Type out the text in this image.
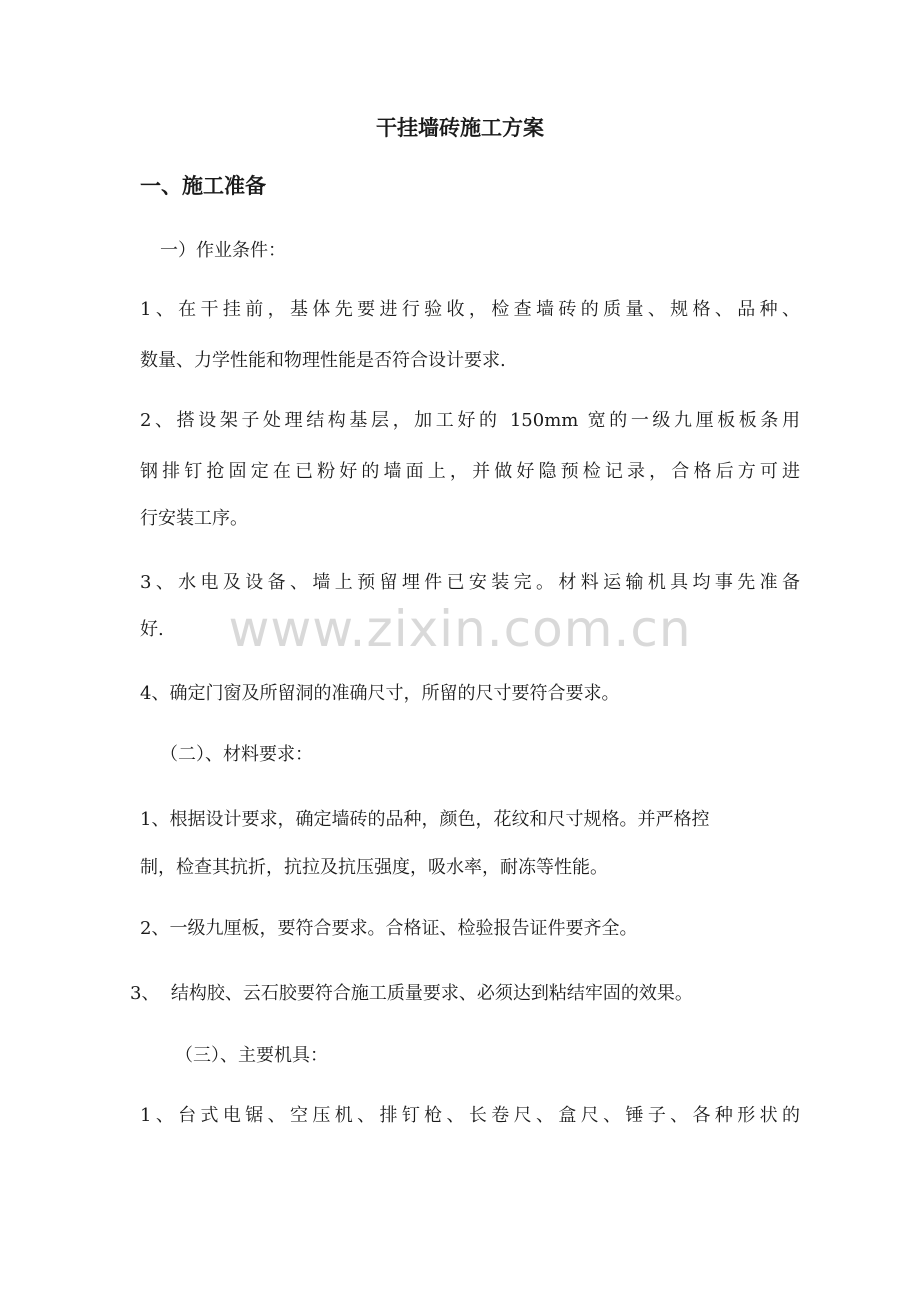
干挂墙砖施工方案
一、施工准备

一）作业条件：

1、在干挂前，基体先要进行验收，检查墙砖的质量、规格、品种、

数量、力学性能和物理性能是否符合设计要求.

2、搭设架子处理结构基层，加工好的 150mm 宽的一级九厘板板条用

钢排钉抢固定在已粉好的墙面上，并做好隐预检记录，合格后方可进

行安装工序。

3、水电及设备、墙上预留埋件已安装完。材料运输机具均事先准备

好.

4、确定门窗及所留洞的准确尺寸，所留的尺寸要符合要求。

（二）、材料要求：

1、根据设计要求，确定墙砖的品种，颜色，花纹和尺寸规格。并严格控

制，检查其抗折，抗拉及抗压强度，吸水率，耐冻等性能。

2、一级九厘板，要符合要求。合格证、检验报告证件要齐全。

3、  结构胶、云石胶要符合施工质量要求、必须达到粘结牢固的效果。

（三）、主要机具：

1、台式电锯、空压机、排钉枪、长卷尺、盒尺、锤子、各种形状的

www.zixin.com.cn
